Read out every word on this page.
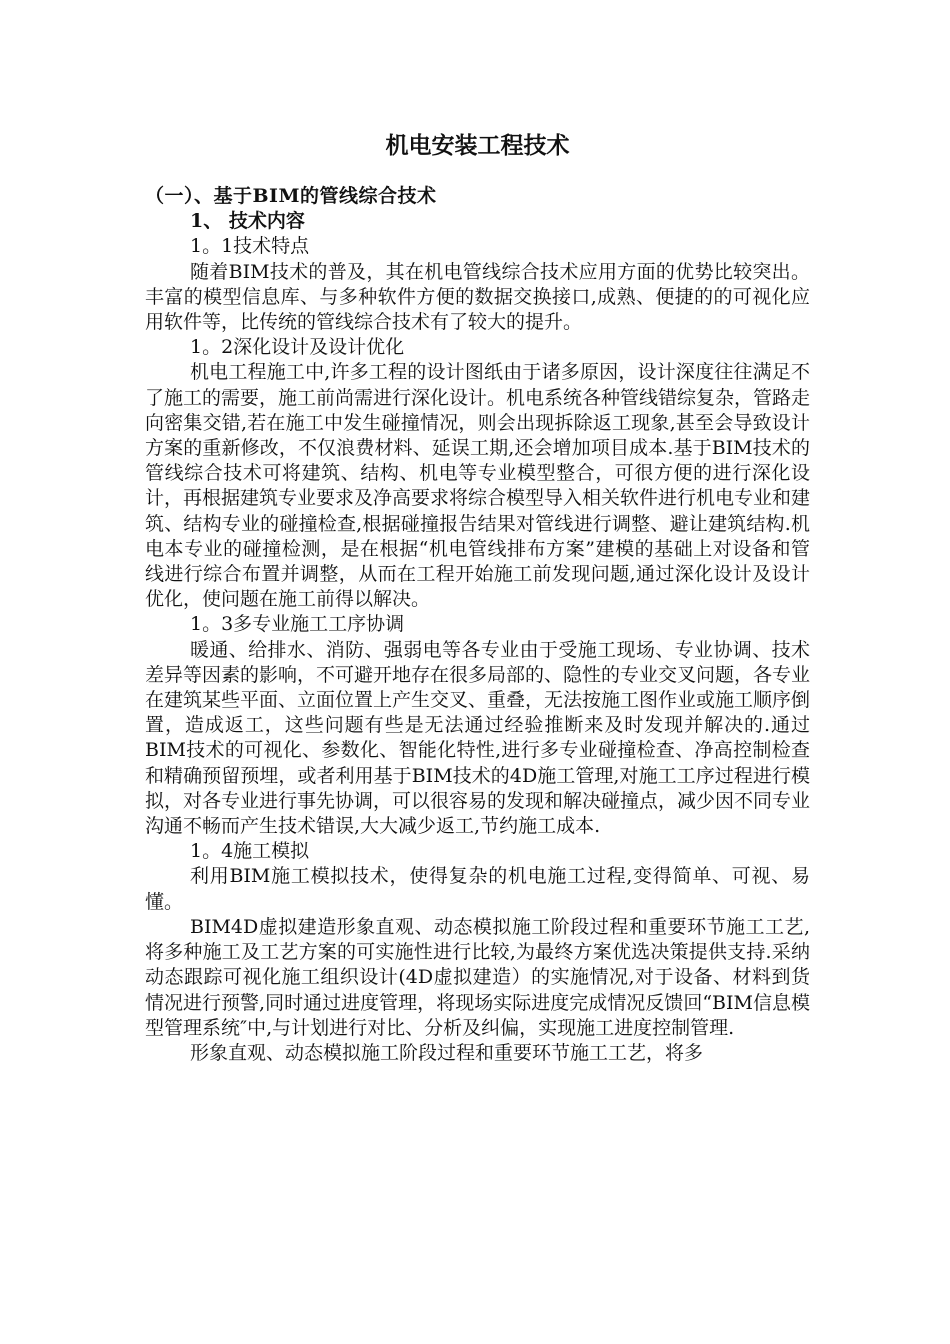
机电安装工程技术
（一）、基于BIM的管线综合技术
1、 技术内容
1。1技术特点

随着BIM技术的普及，其在机电管线综合技术应用方面的优势比较突出。丰富的模型信息库、与多种软件方便的数据交换接口,成熟、便捷的的可视化应用软件等，比传统的管线综合技术有了较大的提升。

1。2深化设计及设计优化

机电工程施工中,许多工程的设计图纸由于诸多原因，设计深度往往满足不了施工的需要，施工前尚需进行深化设计。机电系统各种管线错综复杂，管路走向密集交错,若在施工中发生碰撞情况，则会出现拆除返工现象,甚至会导致设计方案的重新修改，不仅浪费材料、延误工期,还会增加项目成本.基于BIM技术的管线综合技术可将建筑、结构、机电等专业模型整合，可很方便的进行深化设计，再根据建筑专业要求及净高要求将综合模型导入相关软件进行机电专业和建筑、结构专业的碰撞检查,根据碰撞报告结果对管线进行调整、避让建筑结构.机电本专业的碰撞检测，是在根据“机电管线排布方案”建模的基础上对设备和管线进行综合布置并调整，从而在工程开始施工前发现问题,通过深化设计及设计优化，使问题在施工前得以解决。

1。3多专业施工工序协调

暖通、给排水、消防、强弱电等各专业由于受施工现场、专业协调、技术差异等因素的影响，不可避开地存在很多局部的、隐性的专业交叉问题，各专业在建筑某些平面、立面位置上产生交叉、重叠，无法按施工图作业或施工顺序倒置，造成返工，这些问题有些是无法通过经验推断来及时发现并解决的.通过BIM技术的可视化、参数化、智能化特性,进行多专业碰撞检查、净高控制检查和精确预留预埋，或者利用基于BIM技术的4D施工管理,对施工工序过程进行模拟，对各专业进行事先协调，可以很容易的发现和解决碰撞点，减少因不同专业沟通不畅而产生技术错误,大大减少返工,节约施工成本.

1。4施工模拟

利用BIM施工模拟技术，使得复杂的机电施工过程,变得简单、可视、易懂。

BIM4D虚拟建造形象直观、动态模拟施工阶段过程和重要环节施工工艺,将多种施工及工艺方案的可实施性进行比较,为最终方案优选决策提供支持.采纳动态跟踪可视化施工组织设计(4D虚拟建造）的实施情况,对于设备、材料到货情况进行预警,同时通过进度管理，将现场实际进度完成情况反馈回“BIM信息模型管理系统″中,与计划进行对比、分析及纠偏，实现施工进度控制管理.

形象直观、动态模拟施工阶段过程和重要环节施工工艺，将多
